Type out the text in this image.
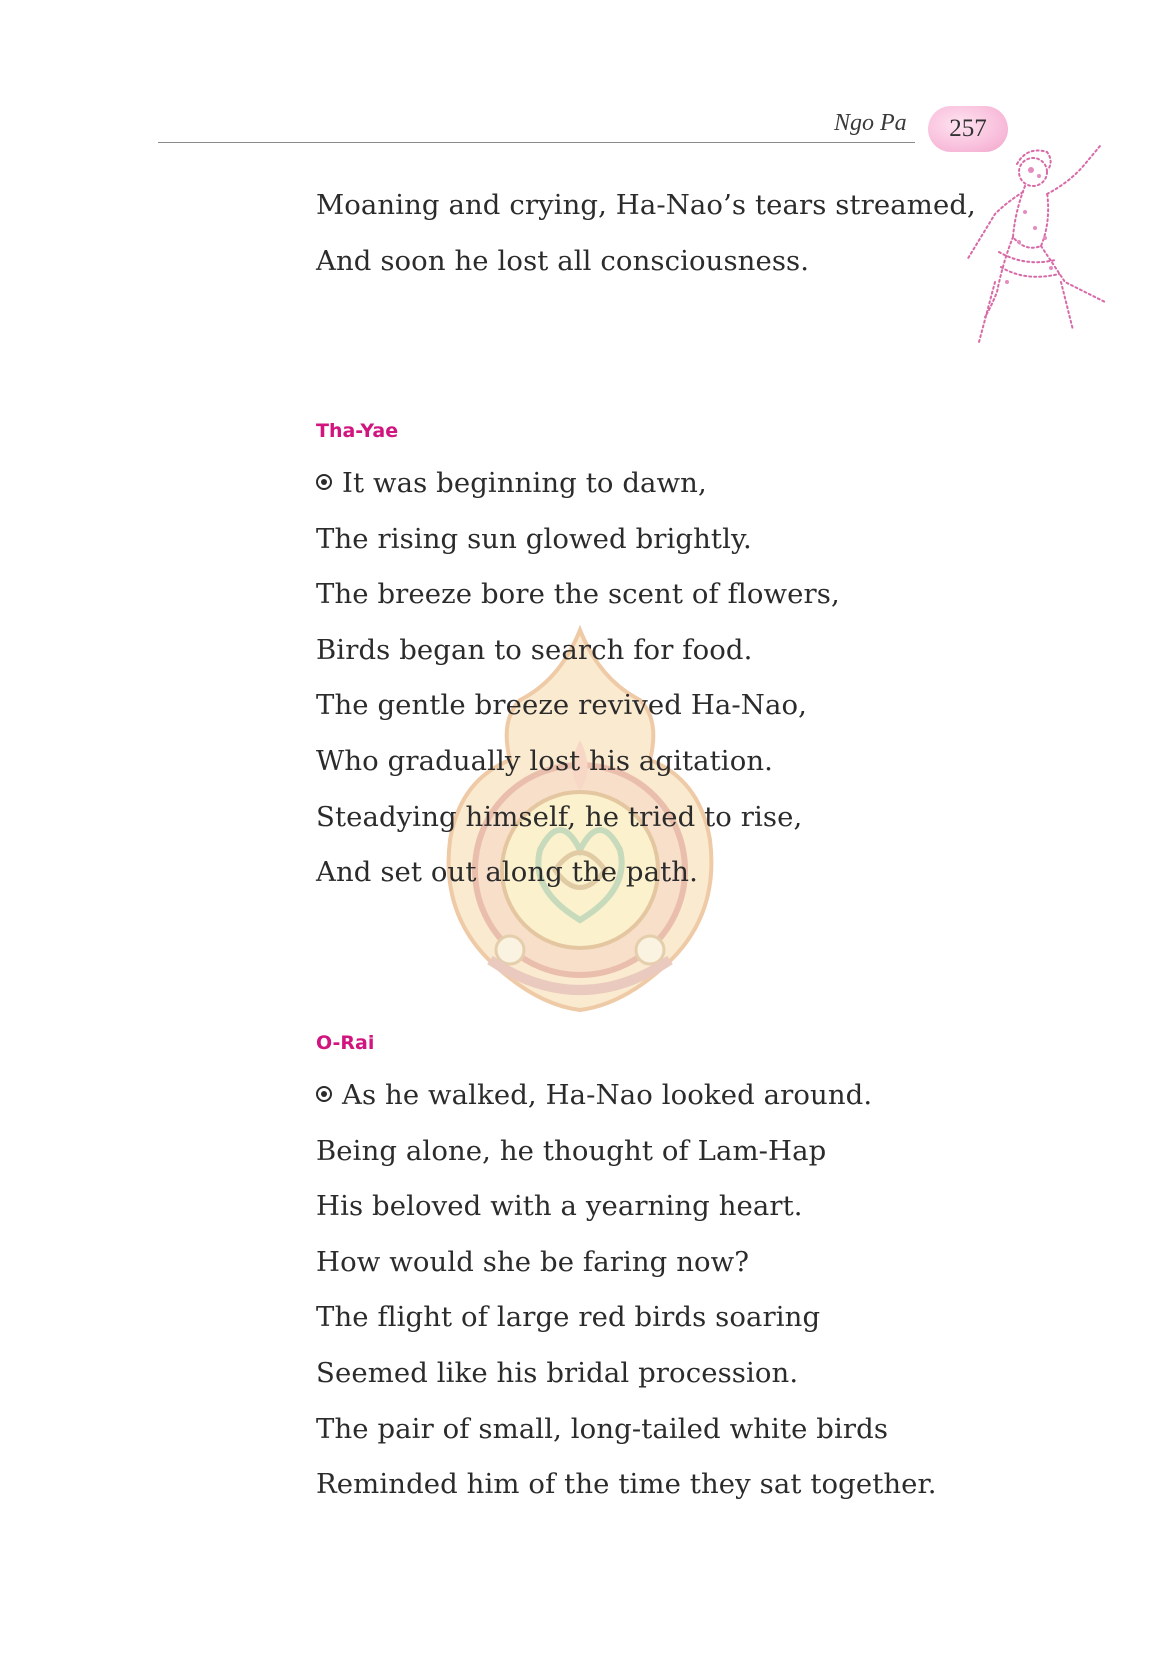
Ngo Pa 257
Moaning and crying, Ha-Nao’s tears streamed,
And soon he lost all consciousness.
Tha-Yae
It was beginning to dawn,
The rising sun glowed brightly.
The breeze bore the scent of flowers,
Birds began to search for food.
The gentle breeze revived Ha-Nao,
Who gradually lost his agitation.
Steadying himself, he tried to rise,
And set out along the path.
O-Rai
As he walked, Ha-Nao looked around.
Being alone, he thought of Lam-Hap
His beloved with a yearning heart.
How would she be faring now?
The flight of large red birds soaring
Seemed like his bridal procession.
The pair of small, long-tailed white birds
Reminded him of the time they sat together.
